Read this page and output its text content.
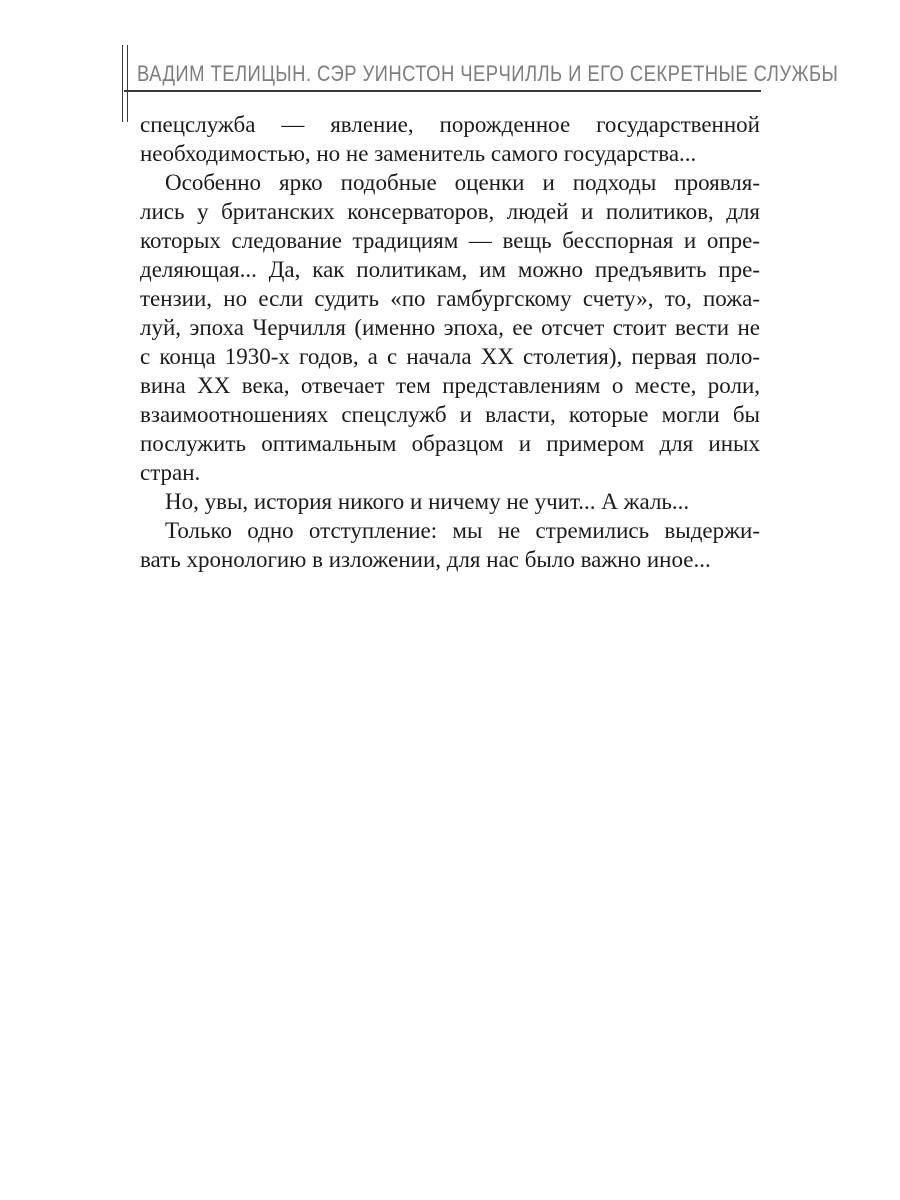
ВАДИМ ТЕЛИЦЫН. СЭР УИНСТОН ЧЕРЧИЛЛЬ И ЕГО СЕКРЕТНЫЕ СЛУЖБЫ
спецслужба — явление, порожденное государственной
необходимостью, но не заменитель самого государства...
Особенно ярко подобные оценки и подходы проявля-
лись у британских консерваторов, людей и политиков, для
которых следование традициям — вещь бесспорная и опре-
деляющая... Да, как политикам, им можно предъявить пре-
тензии, но если судить «по гамбургскому счету», то, пожа-
луй, эпоха Черчилля (именно эпоха, ее отсчет стоит вести не
с конца 1930-х годов, а с начала XX столетия), первая поло-
вина XX века, отвечает тем представлениям о месте, роли,
взаимоотношениях спецслужб и власти, которые могли бы
послужить оптимальным образцом и примером для иных
стран.
Но, увы, история никого и ничему не учит... А жаль...
Только одно отступление: мы не стремились выдержи-
вать хронологию в изложении, для нас было важно иное...
